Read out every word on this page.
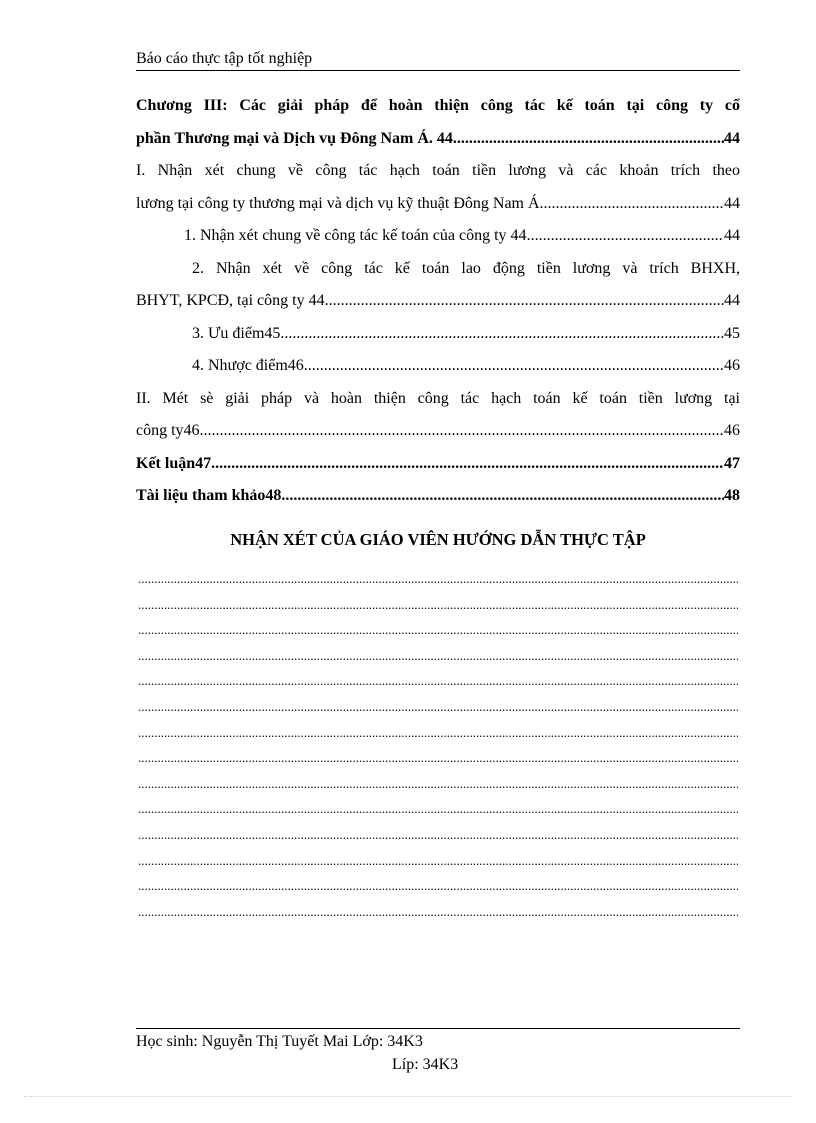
Báo cáo thực tập tốt nghiệp
Chương III: Các giải pháp để hoàn thiện công tác kế toán tại công ty cổ
phần Thương mại và Dịch vụ Đông Nam Á. 44 .....	44
I. Nhận xét chung về công tác hạch toán tiền lương và các khoản trích theo
lương tại công ty thương mại và dịch vụ kỹ thuật Đông Nam Á .....	44
1. Nhận xét chung về công tác kế toán của công ty 44 .....	44
2. Nhận xét về công tác kế toán lao động tiền lương và trích BHXH,
BHYT, KPCĐ, tại công ty 44 .....	44
3. Ưu điểm45 .....	45
4. Nhược điểm46 .....	46
II. Mét sè giải pháp và hoàn thiện công tác hạch toán kế toán tiền lương tại
công ty46 .....	46
Kết luận47 .....	47
Tài liệu tham khảo48 .....	48
NHẬN XÉT CỦA GIÁO VIÊN HƯỚNG DẪN THỰC TẬP
.....
.....
.....
.....
.....
.....
.....
.....
.....
.....
.....
.....
.....
.....
Học sinh: Nguyễn Thị Tuyết Mai Lớp: 34K3
Líp: 34K3
